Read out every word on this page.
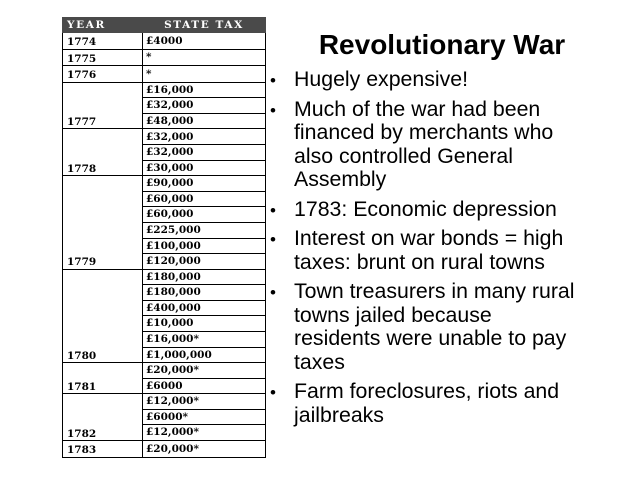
YEAR	STATE TAX
1774	£4000
1775	*
1776	*
1777	£16,000
	£32,000
	£48,000
1778	£32,000
	£32,000
	£30,000
1779	£90,000
	£60,000
	£60,000
	£225,000
	£100,000
	£120,000
1780	£180,000
	£180,000
	£400,000
	£10,000
	£16,000*
	£1,000,000
1781	£20,000*
	£6000
1782	£12,000*
	£6000*
	£12,000*
1783	£20,000*
Revolutionary War
• Hugely expensive!
• Much of the war had been
financed by merchants who
also controlled General
Assembly
• 1783: Economic depression
• Interest on war bonds = high
taxes: brunt on rural towns
• Town treasurers in many rural
towns jailed because
residents were unable to pay
taxes
• Farm foreclosures, riots and
jailbreaks
